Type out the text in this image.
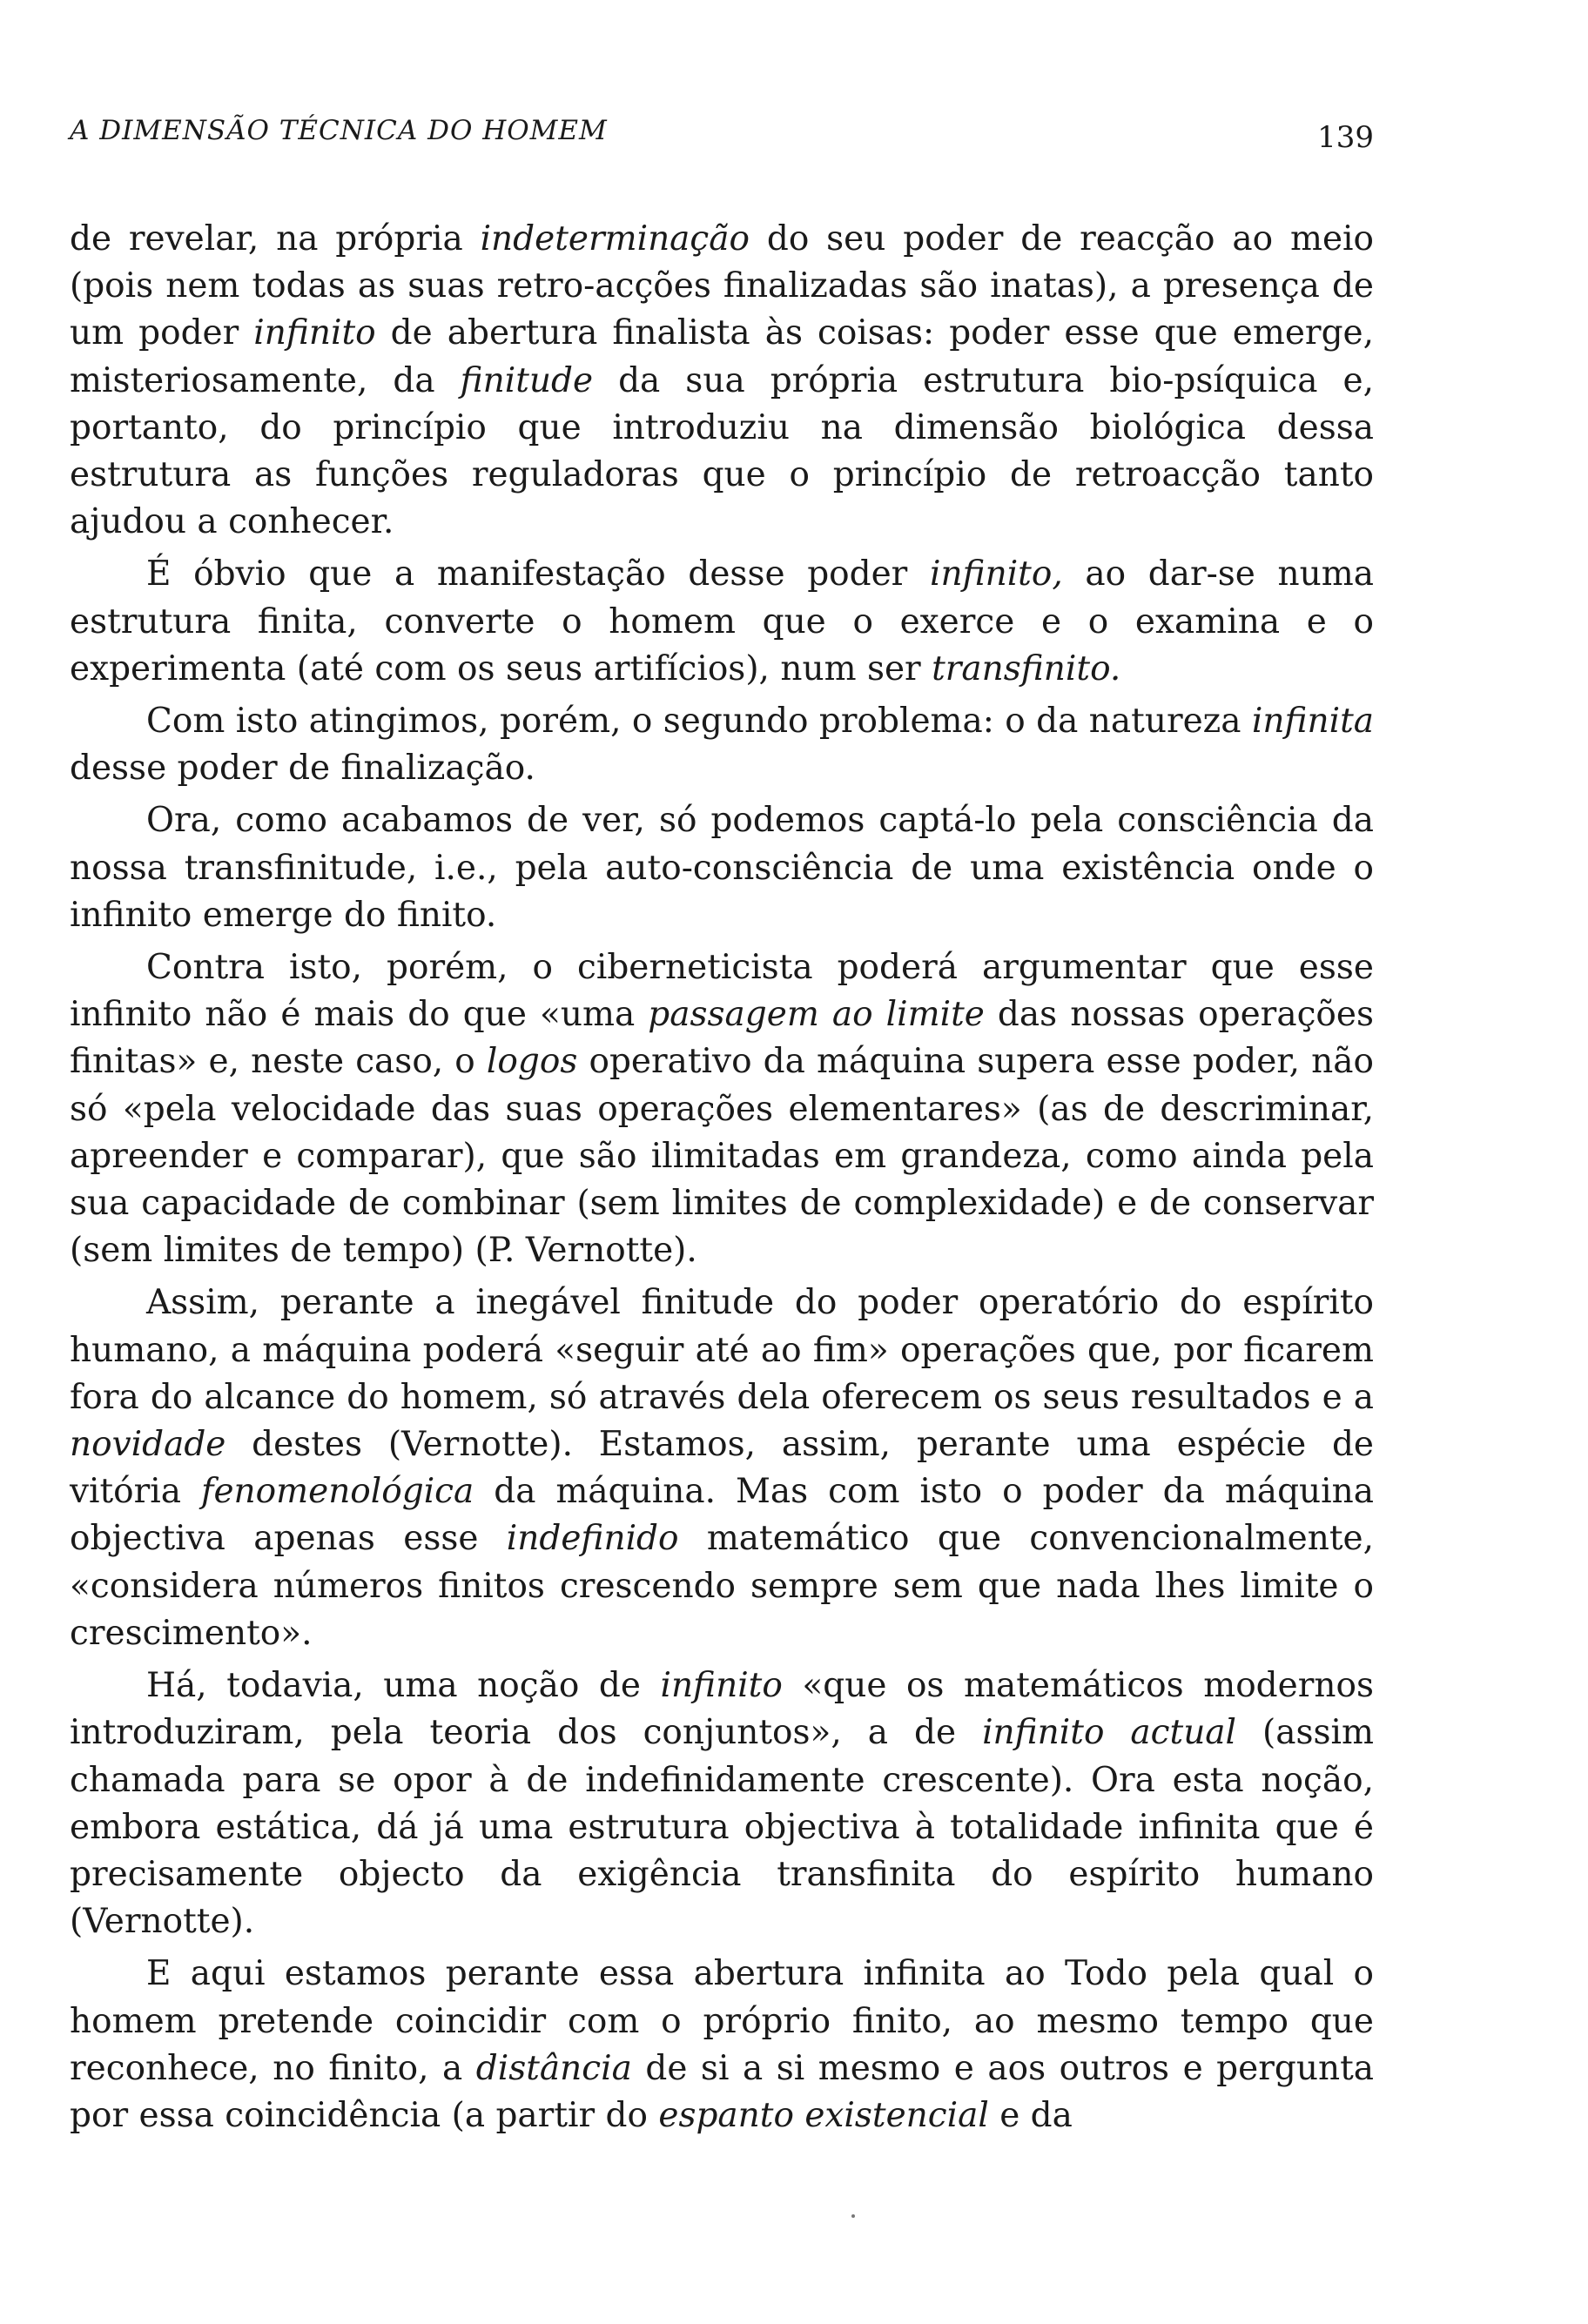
A DIMENSÃO TÉCNICA DO HOMEM	139

de revelar, na própria indeterminação do seu poder de reacção ao meio (pois nem todas as suas retro-acções finalizadas são inatas), a presença de um poder infinito de abertura finalista às coisas: poder esse que emerge, misteriosamente, da finitude da sua própria estrutura bio-psíquica e, portanto, do princípio que introduziu na dimensão biológica dessa estrutura as funções reguladoras que o princípio de retroacção tanto ajudou a conhecer.

É óbvio que a manifestação desse poder infinito, ao dar-se numa estrutura finita, converte o homem que o exerce e o examina e o experimenta (até com os seus artifícios), num ser transfinito.

Com isto atingimos, porém, o segundo problema: o da natureza infinita desse poder de finalização.

Ora, como acabamos de ver, só podemos captá-lo pela consciência da nossa transfinitude, i.e., pela auto-consciência de uma existência onde o infinito emerge do finito.

Contra isto, porém, o ciberneticista poderá argumentar que esse infinito não é mais do que «uma passagem ao limite das nossas operações finitas» e, neste caso, o logos operativo da máquina supera esse poder, não só «pela velocidade das suas operações elementares» (as de descriminar, apreender e comparar), que são ilimitadas em grandeza, como ainda pela sua capacidade de combinar (sem limites de complexidade) e de conservar (sem limites de tempo) (P. Vernotte).

Assim, perante a inegável finitude do poder operatório do espírito humano, a máquina poderá «seguir até ao fim» operações que, por ficarem fora do alcance do homem, só através dela oferecem os seus resultados e a novidade destes (Vernotte). Estamos, assim, perante uma espécie de vitória fenomenológica da máquina. Mas com isto o poder da máquina objectiva apenas esse indefinido matemático que convencionalmente, «considera números finitos crescendo sempre sem que nada lhes limite o crescimento».

Há, todavia, uma noção de infinito «que os matemáticos modernos introduziram, pela teoria dos conjuntos», a de infinito actual (assim chamada para se opor à de indefinidamente crescente). Ora esta noção, embora estática, dá já uma estrutura objectiva à totalidade infinita que é precisamente objecto da exigência transfinita do espírito humano (Vernotte).

E aqui estamos perante essa abertura infinita ao Todo pela qual o homem pretende coincidir com o próprio finito, ao mesmo tempo que reconhece, no finito, a distância de si a si mesmo e aos outros e pergunta por essa coincidência (a partir do espanto existencial e da
